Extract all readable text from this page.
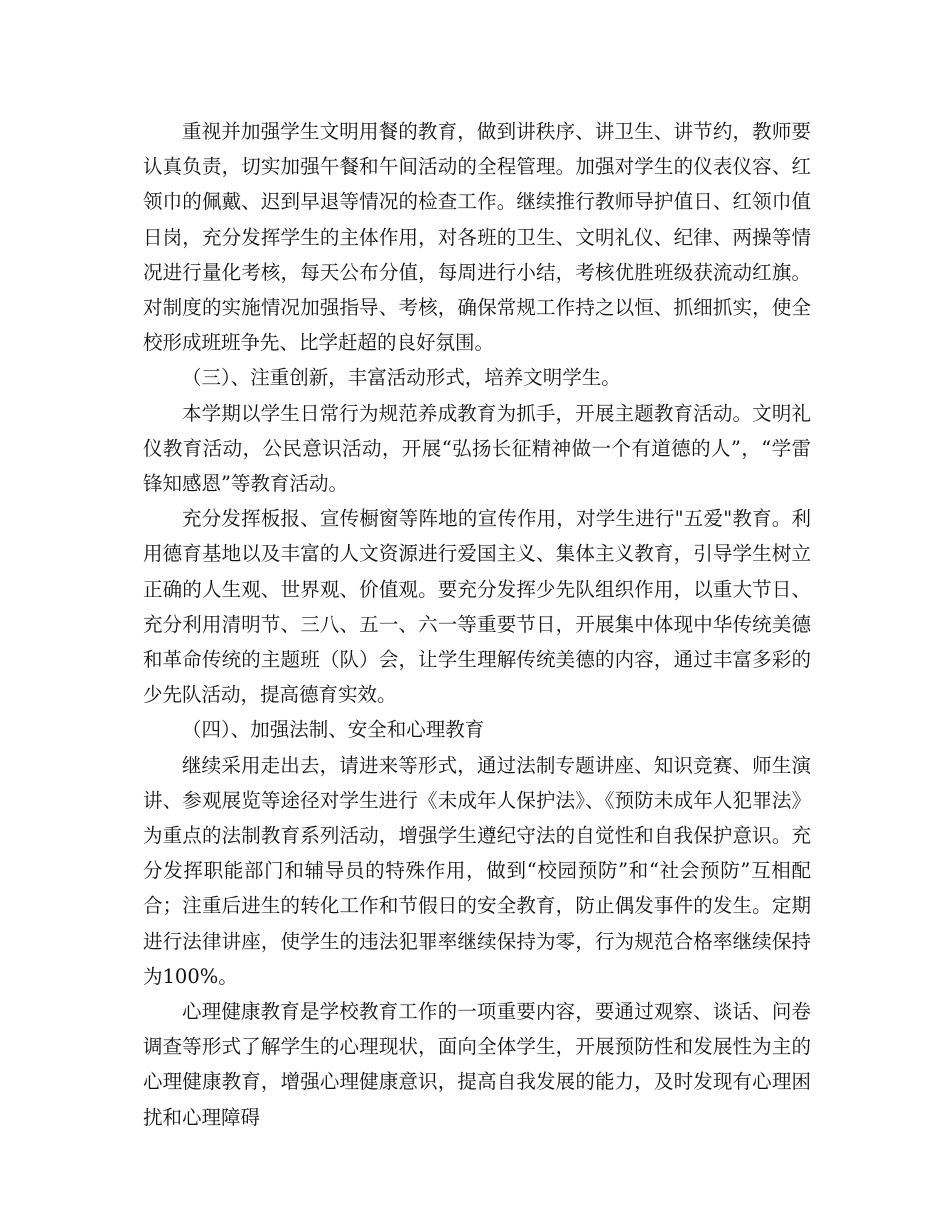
重视并加强学生文明用餐的教育，做到讲秩序、讲卫生、讲节约，教师要认真负责，切实加强午餐和午间活动的全程管理。加强对学生的仪表仪容、红领巾的佩戴、迟到早退等情况的检查工作。继续推行教师导护值日、红领巾值日岗，充分发挥学生的主体作用，对各班的卫生、文明礼仪、纪律、两操等情况进行量化考核，每天公布分值，每周进行小结，考核优胜班级获流动红旗。对制度的实施情况加强指导、考核，确保常规工作持之以恒、抓细抓实，使全校形成班班争先、比学赶超的良好氛围。

（三）、注重创新，丰富活动形式，培养文明学生。

本学期以学生日常行为规范养成教育为抓手，开展主题教育活动。文明礼仪教育活动，公民意识活动，开展“弘扬长征精神做一个有道德的人”，“学雷锋知感恩”等教育活动。

充分发挥板报、宣传橱窗等阵地的宣传作用，对学生进行"五爱"教育。利用德育基地以及丰富的人文资源进行爱国主义、集体主义教育，引导学生树立正确的人生观、世界观、价值观。要充分发挥少先队组织作用，以重大节日、充分利用清明节、三八、五一、六一等重要节日，开展集中体现中华传统美德和革命传统的主题班（队）会，让学生理解传统美德的内容，通过丰富多彩的少先队活动，提高德育实效。

（四）、加强法制、安全和心理教育

继续采用走出去，请进来等形式，通过法制专题讲座、知识竞赛、师生演讲、参观展览等途径对学生进行《未成年人保护法》、《预防未成年人犯罪法》为重点的法制教育系列活动，增强学生遵纪守法的自觉性和自我保护意识。充分发挥职能部门和辅导员的特殊作用，做到“校园预防”和“社会预防”互相配合；注重后进生的转化工作和节假日的安全教育，防止偶发事件的发生。定期进行法律讲座，使学生的违法犯罪率继续保持为零，行为规范合格率继续保持为100%。

心理健康教育是学校教育工作的一项重要内容，要通过观察、谈话、问卷调查等形式了解学生的心理现状，面向全体学生，开展预防性和发展性为主的心理健康教育，增强心理健康意识，提高自我发展的能力，及时发现有心理困扰和心理障碍
